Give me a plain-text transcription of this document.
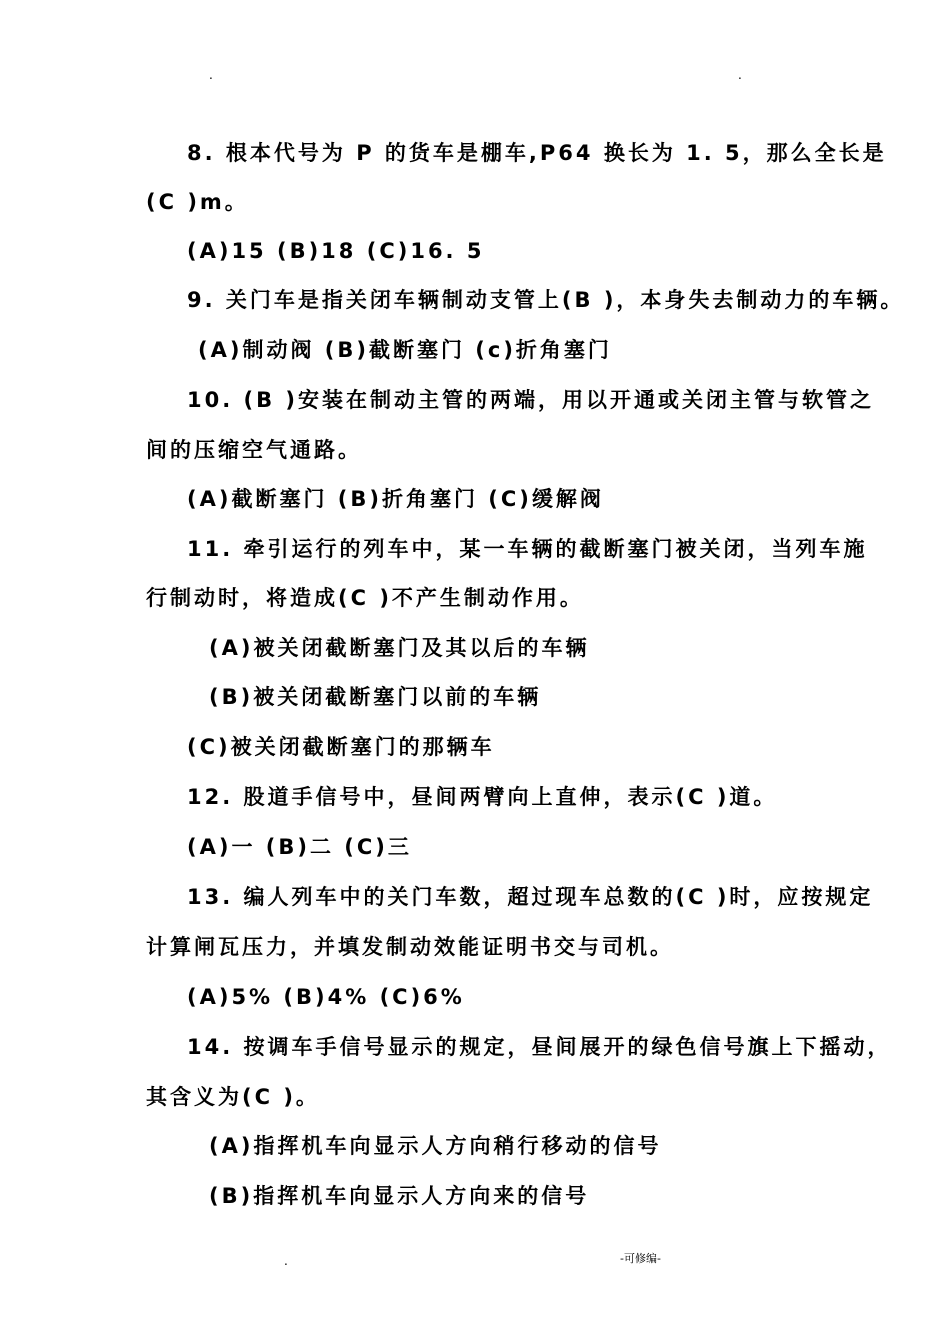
.	.
8. 根本代号为 P 的货车是棚车,P64 换长为 1. 5，那么全长是
(C )m。
(A)15 (B)18 (C)16. 5
9. 关门车是指关闭车辆制动支管上(B )，本身失去制动力的车辆。
(A)制动阀 (B)截断塞门 (c)折角塞门
10. (B )安装在制动主管的两端，用以开通或关闭主管与软管之
间的压缩空气通路。
(A)截断塞门 (B)折角塞门 (C)缓解阀
11. 牵引运行的列车中，某一车辆的截断塞门被关闭，当列车施
行制动时，将造成(C )不产生制动作用。
(A)被关闭截断塞门及其以后的车辆
(B)被关闭截断塞门以前的车辆
(C)被关闭截断塞门的那辆车
12. 股道手信号中，昼间两臂向上直伸，表示(C )道。
(A)一 (B)二 (C)三
13. 编人列车中的关门车数，超过现车总数的(C )时，应按规定
计算闸瓦压力，并填发制动效能证明书交与司机。
(A)5% (B)4% (C)6%
14. 按调车手信号显示的规定，昼间展开的绿色信号旗上下摇动，
其含义为(C )。
(A)指挥机车向显示人方向稍行移动的信号
(B)指挥机车向显示人方向来的信号
.	-可修编-
